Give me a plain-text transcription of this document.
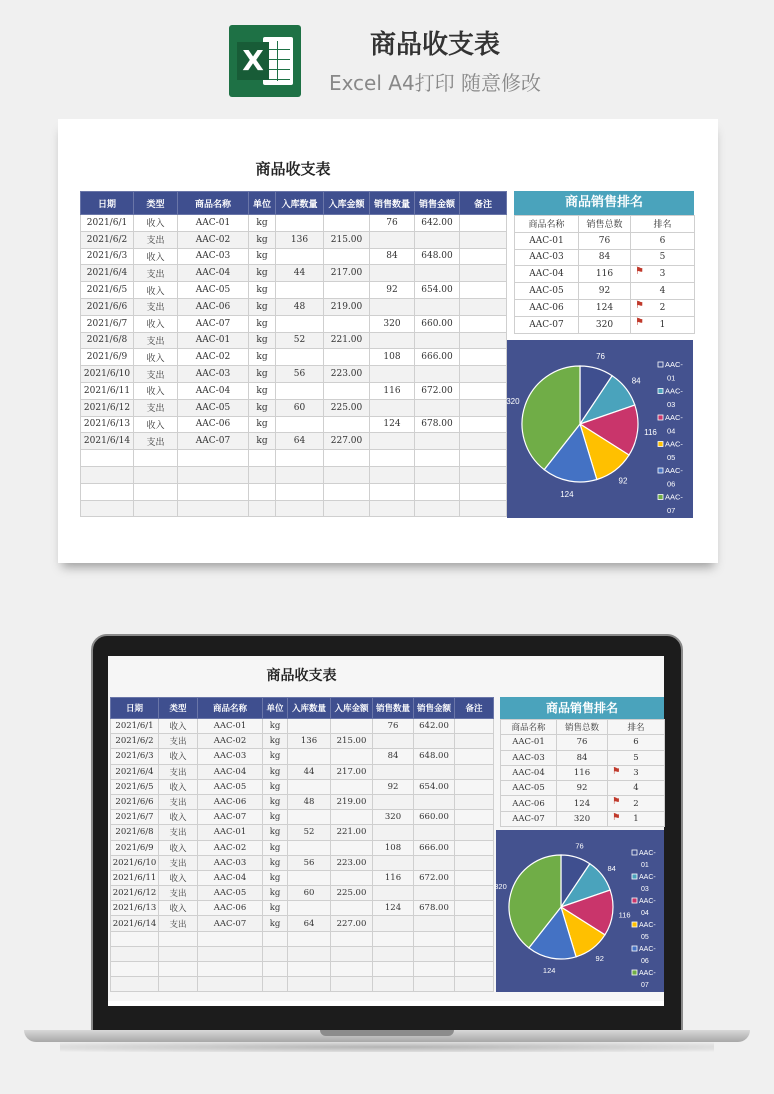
X	商品收支表
Excel A4打印 随意修改
商品收支表
日期	类型	商品名称	单位	入库数量	入库金额	销售数量	销售金额	备注
2021/6/1	收入	AAC-01	kg			76	642.00	
2021/6/2	支出	AAC-02	kg	136	215.00			
2021/6/3	收入	AAC-03	kg			84	648.00	
2021/6/4	支出	AAC-04	kg	44	217.00			
2021/6/5	收入	AAC-05	kg			92	654.00	
2021/6/6	支出	AAC-06	kg	48	219.00			
2021/6/7	收入	AAC-07	kg			320	660.00	
2021/6/8	支出	AAC-01	kg	52	221.00			
2021/6/9	收入	AAC-02	kg			108	666.00	
2021/6/10	支出	AAC-03	kg	56	223.00			
2021/6/11	收入	AAC-04	kg			116	672.00	
2021/6/12	支出	AAC-05	kg	60	225.00			
2021/6/13	收入	AAC-06	kg			124	678.00	
2021/6/14	支出	AAC-07	kg	64	227.00			

商品销售排名
商品名称	销售总数	排名
AAC-01	76	6
AAC-03	84	5
AAC-04	116	3
⚑

AAC-05	92	4
AAC-06	124	2
⚑

AAC-07	320	1
⚑
76
84
116
92
124
320
AAC-
01
AAC-
03
AAC-
04
AAC-
05
AAC-
06
AAC-
07
商品收支表
日期	类型	商品名称	单位	入库数量	入库金额	销售数量	销售金额	备注
2021/6/1	收入	AAC-01	kg			76	642.00	
2021/6/2	支出	AAC-02	kg	136	215.00			
2021/6/3	收入	AAC-03	kg			84	648.00	
2021/6/4	支出	AAC-04	kg	44	217.00			
2021/6/5	收入	AAC-05	kg			92	654.00	
2021/6/6	支出	AAC-06	kg	48	219.00			
2021/6/7	收入	AAC-07	kg			320	660.00	
2021/6/8	支出	AAC-01	kg	52	221.00			
2021/6/9	收入	AAC-02	kg			108	666.00	
2021/6/10	支出	AAC-03	kg	56	223.00			
2021/6/11	收入	AAC-04	kg			116	672.00	
2021/6/12	支出	AAC-05	kg	60	225.00			
2021/6/13	收入	AAC-06	kg			124	678.00	
2021/6/14	支出	AAC-07	kg	64	227.00			

商品销售排名
商品名称	销售总数	排名
AAC-01	76	6
AAC-03	84	5
AAC-04	116	3
⚑

AAC-05	92	4
AAC-06	124	2
⚑

AAC-07	320	1
⚑
76
84
116
92
124
320
AAC-
01
AAC-
03
AAC-
04
AAC-
05
AAC-
06
AAC-
07
